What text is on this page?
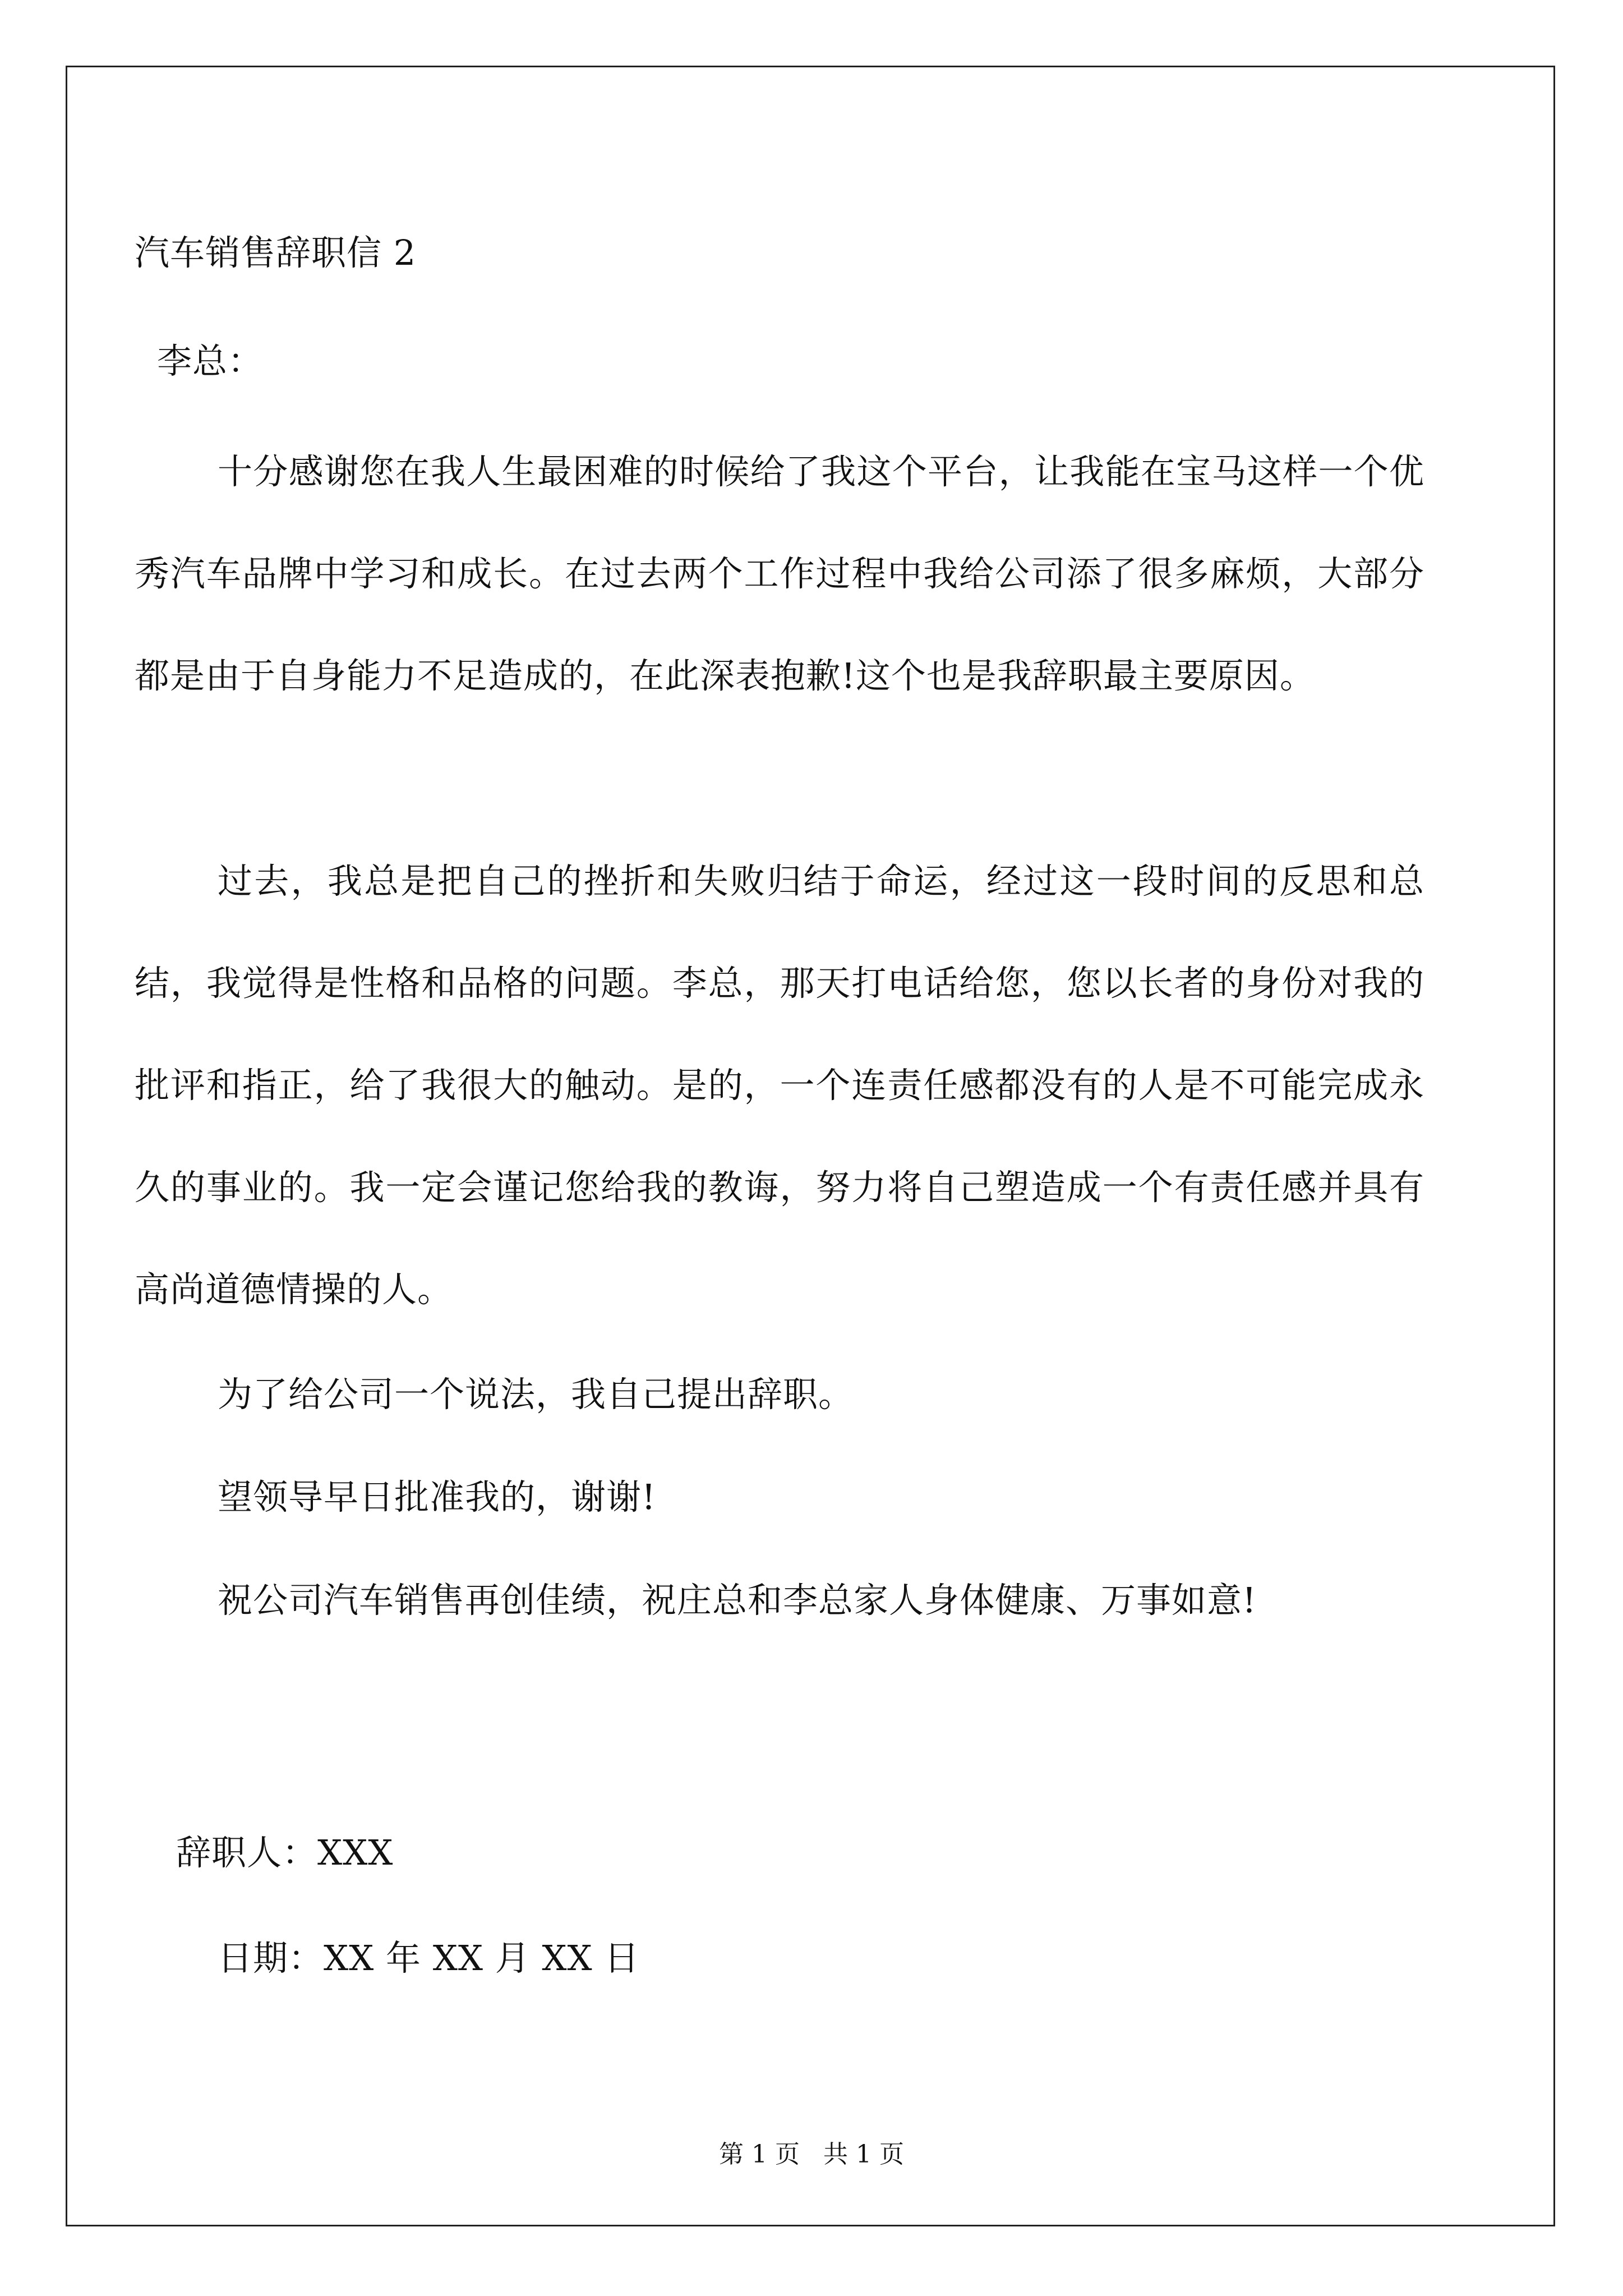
汽车销售辞职信 2
李总：

十分感谢您在我人生最困难的时候给了我这个平台，让我能在宝马这样一个优秀汽车品牌中学习和成长。在过去两个工作过程中我给公司添了很多麻烦，大部分都是由于自身能力不足造成的，在此深表抱歉!这个也是我辞职最主要原因。

过去，我总是把自己的挫折和失败归结于命运，经过这一段时间的反思和总结，我觉得是性格和品格的问题。李总，那天打电话给您，您以长者的身份对我的批评和指正，给了我很大的触动。是的，一个连责任感都没有的人是不可能完成永久的事业的。我一定会谨记您给我的教诲，努力将自己塑造成一个有责任感并具有高尚道德情操的人。

为了给公司一个说法，我自己提出辞职。

望领导早日批准我的，谢谢!

祝公司汽车销售再创佳绩，祝庄总和李总家人身体健康、万事如意!

辞职人：XXX
日期：XX 年 XX 月 XX 日
第 1 页   共 1 页
